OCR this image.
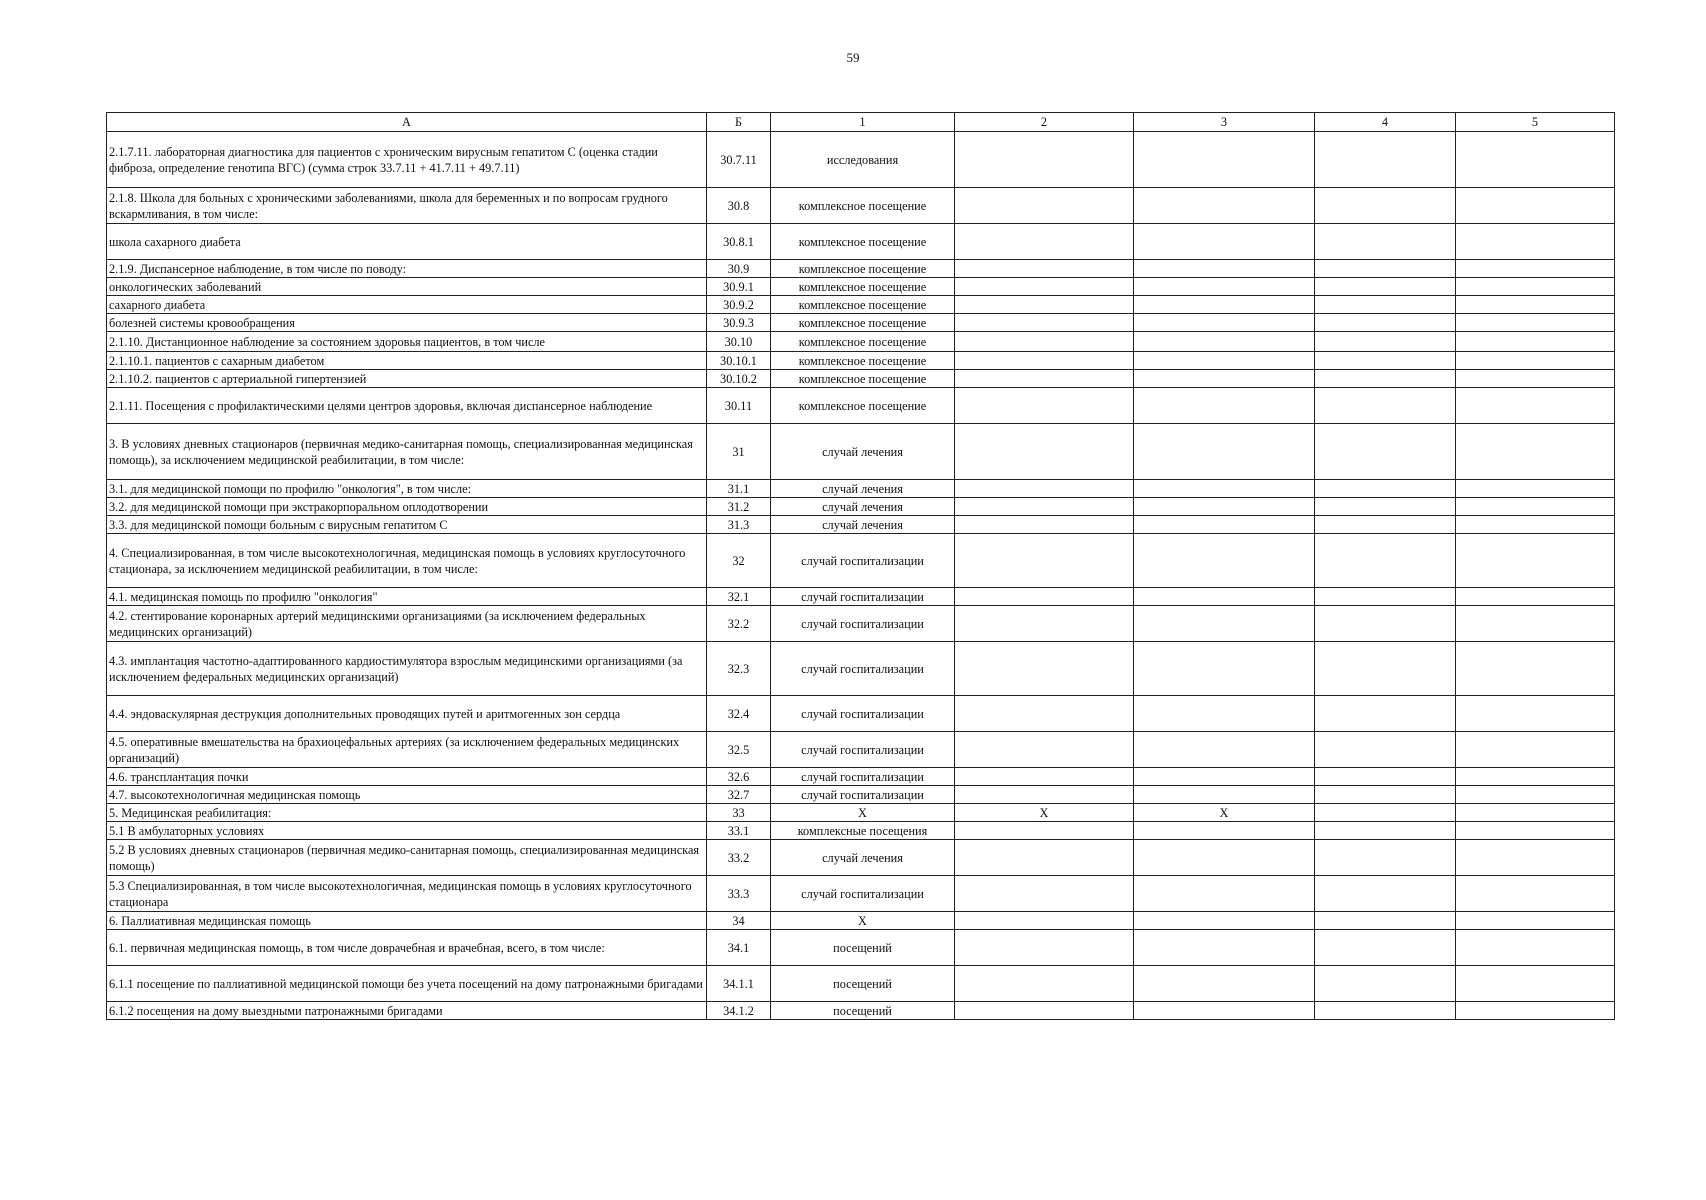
59
А	Б	1	2	3	4	5
2.1.7.11. лабораторная диагностика для пациентов с хроническим вирусным гепатитом С (оценка стадии фиброза, определение генотипа ВГС) (сумма строк 33.7.11 + 41.7.11 + 49.7.11)	30.7.11	исследования				
2.1.8. Школа для больных с хроническими заболеваниями, школа для беременных и по вопросам грудного вскармливания, в том числе:	30.8	комплексное посещение				
школа сахарного диабета	30.8.1	комплексное посещение				
2.1.9. Диспансерное наблюдение, в том числе по поводу:	30.9	комплексное посещение				
онкологических заболеваний	30.9.1	комплексное посещение				
сахарного диабета	30.9.2	комплексное посещение				
болезней системы кровообращения	30.9.3	комплексное посещение				
2.1.10. Дистанционное наблюдение за состоянием здоровья пациентов, в том числе	30.10	комплексное посещение				
2.1.10.1. пациентов с сахарным диабетом	30.10.1	комплексное посещение				
2.1.10.2. пациентов с артериальной гипертензией	30.10.2	комплексное посещение				
2.1.11. Посещения с профилактическими целями центров здоровья, включая диспансерное наблюдение	30.11	комплексное посещение				
3. В условиях дневных стационаров (первичная медико-санитарная помощь, специализированная медицинская помощь), за исключением медицинской реабилитации, в том числе:	31	случай лечения				
3.1. для медицинской помощи по профилю "онкология", в том числе:	31.1	случай лечения				
3.2. для медицинской помощи при экстракорпоральном оплодотворении	31.2	случай лечения				
3.3. для медицинской помощи больным с вирусным гепатитом С	31.3	случай лечения				
4. Специализированная, в том числе высокотехнологичная, медицинская помощь в условиях круглосуточного стационара, за исключением медицинской реабилитации, в том числе:	32	случай госпитализации				
4.1. медицинская помощь по профилю "онкология"	32.1	случай госпитализации				
4.2. стентирование коронарных артерий медицинскими организациями (за исключением федеральных медицинских организаций)	32.2	случай госпитализации				
4.3. имплантация частотно-адаптированного кардиостимулятора взрослым медицинскими организациями (за исключением федеральных медицинских организаций)	32.3	случай госпитализации				
4.4. эндоваскулярная деструкция дополнительных проводящих путей и аритмогенных зон сердца	32.4	случай госпитализации				
4.5. оперативные вмешательства на брахиоцефальных артериях (за исключением федеральных медицинских организаций)	32.5	случай госпитализации				
4.6. трансплантация почки	32.6	случай госпитализации				
4.7. высокотехнологичная медицинская помощь	32.7	случай госпитализации				
5. Медицинская реабилитация:	33	X	X	X		
5.1 В амбулаторных условиях	33.1	комплексные посещения				
5.2 В условиях дневных стационаров (первичная медико-санитарная помощь, специализированная медицинская помощь)	33.2	случай лечения				
5.3 Специализированная, в том числе высокотехнологичная, медицинская помощь в условиях круглосуточного стационара	33.3	случай госпитализации				
6. Паллиативная медицинская помощь	34	X				
6.1. первичная медицинская помощь, в том числе доврачебная и врачебная, всего, в том числе:	34.1	посещений				
6.1.1 посещение по паллиативной медицинской помощи без учета посещений на дому патронажными бригадами	34.1.1	посещений				
6.1.2 посещения на дому выездными патронажными бригадами	34.1.2	посещений				
